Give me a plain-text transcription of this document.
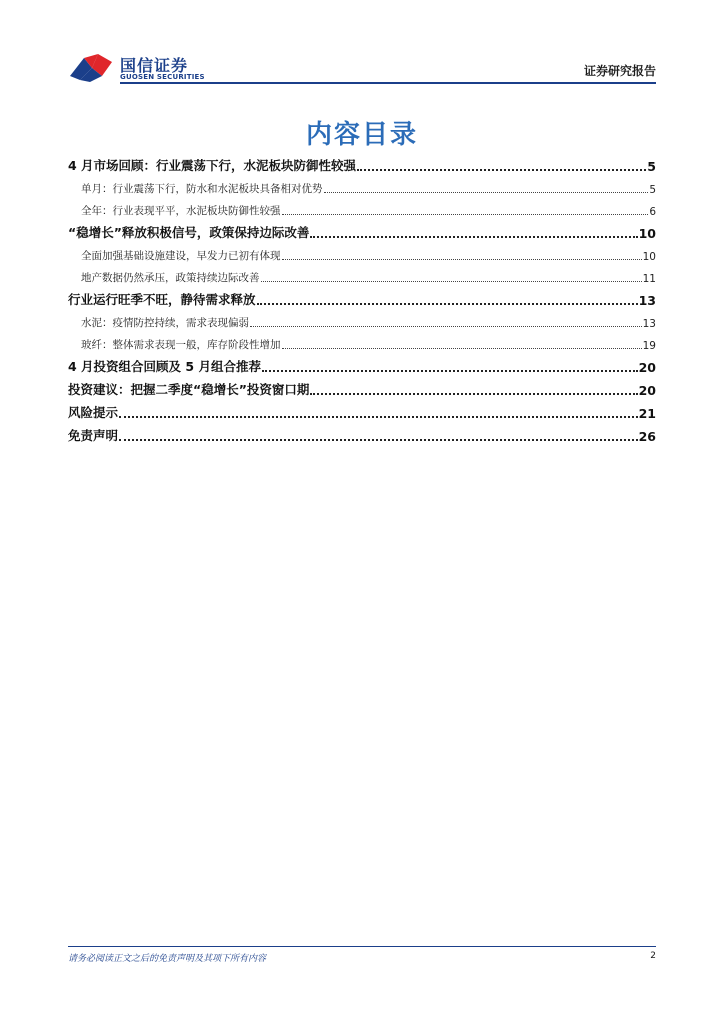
国信证券
GUOSEN SECURITIES	证券研究报告
内容目录
4 月市场回顾：行业震荡下行，水泥板块防御性较强	5
单月：行业震荡下行，防水和水泥板块具备相对优势	5
全年：行业表现平平，水泥板块防御性较强	6
“稳增长”释放积极信号，政策保持边际改善	10
全面加强基础设施建设，早发力已初有体现	10
地产数据仍然承压，政策持续边际改善	11
行业运行旺季不旺，静待需求释放	13
水泥：疫情防控持续，需求表现偏弱	13
玻纤：整体需求表现一般，库存阶段性增加	19
4 月投资组合回顾及 5 月组合推荐	20
投资建议：把握二季度“稳增长”投资窗口期	20
风险提示	21
免责声明	26
请务必阅读正文之后的免责声明及其项下所有内容	2
